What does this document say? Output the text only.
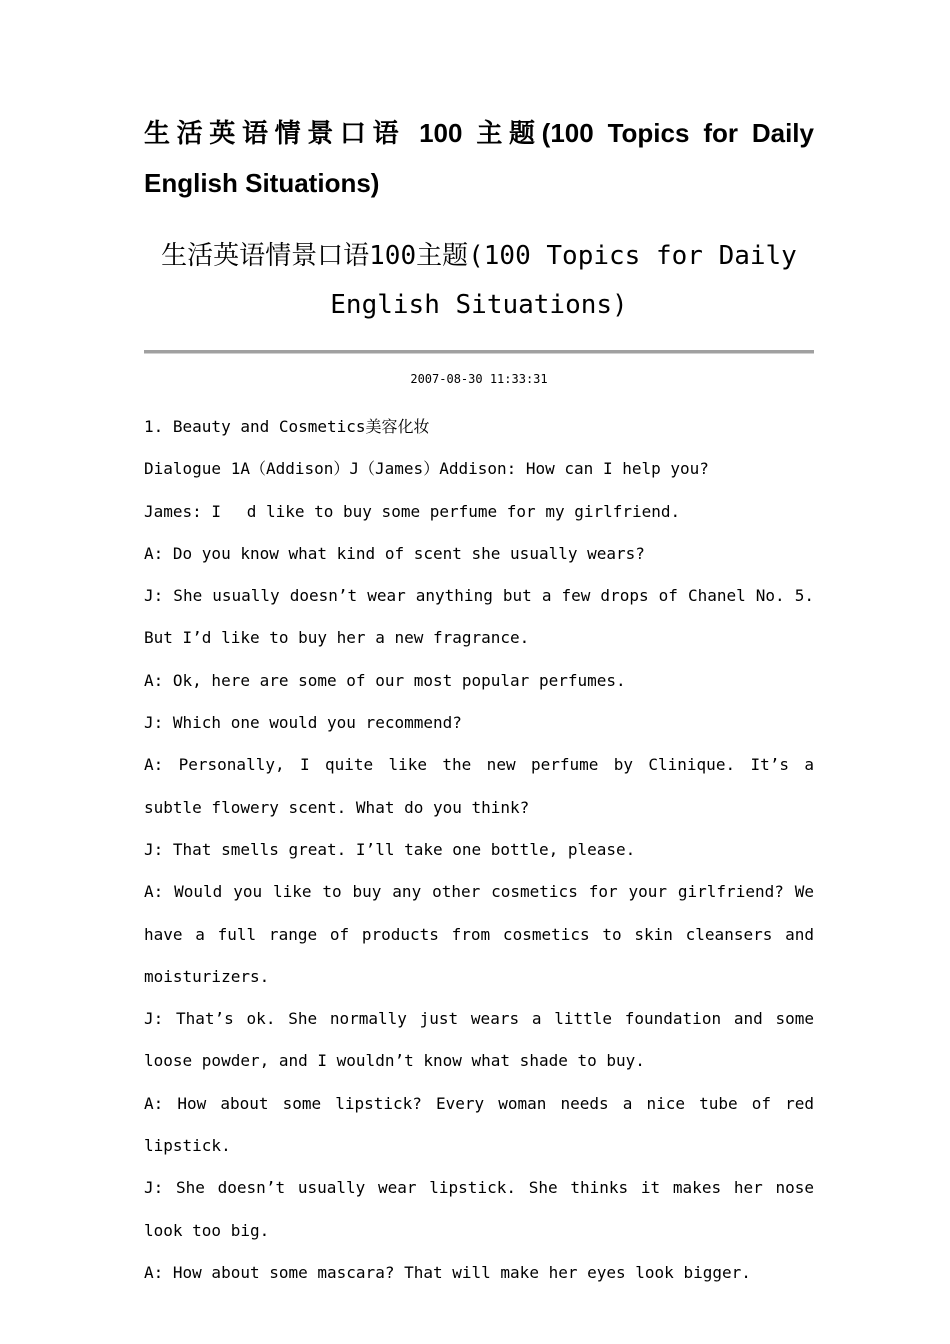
生活英语情景口语 100 主题(100 Topics for Daily English Situations)
生活英语情景口语100主题(100 Topics for Daily English Situations)
2007-08-30 11:33:31

1. Beauty and Cosmetics美容化妆

Dialogue 1A（Addison）J（James）Addison: How can I help you?

James: I　 d like to buy some perfume for my girlfriend.

A: Do you know what kind of scent she usually wears?

J: She usually doesn’t wear anything but a few drops of Chanel No. 5. But I’d like to buy her a new fragrance.

A: Ok, here are some of our most popular perfumes.

J: Which one would you recommend?

A: Personally, I quite like the new perfume by Clinique. It’s a subtle flowery scent. What do you think?

J: That smells great. I’ll take one bottle, please.

A: Would you like to buy any other cosmetics for your girlfriend? We have a full range of products from cosmetics to skin cleansers and moisturizers.

J: That’s ok. She normally just wears a little foundation and some loose powder, and I wouldn’t know what shade to buy.

A: How about some lipstick? Every woman needs a nice tube of red lipstick.

J: She doesn’t usually wear lipstick. She thinks it makes her nose look too big.

A: How about some mascara? That will make her eyes look bigger.
